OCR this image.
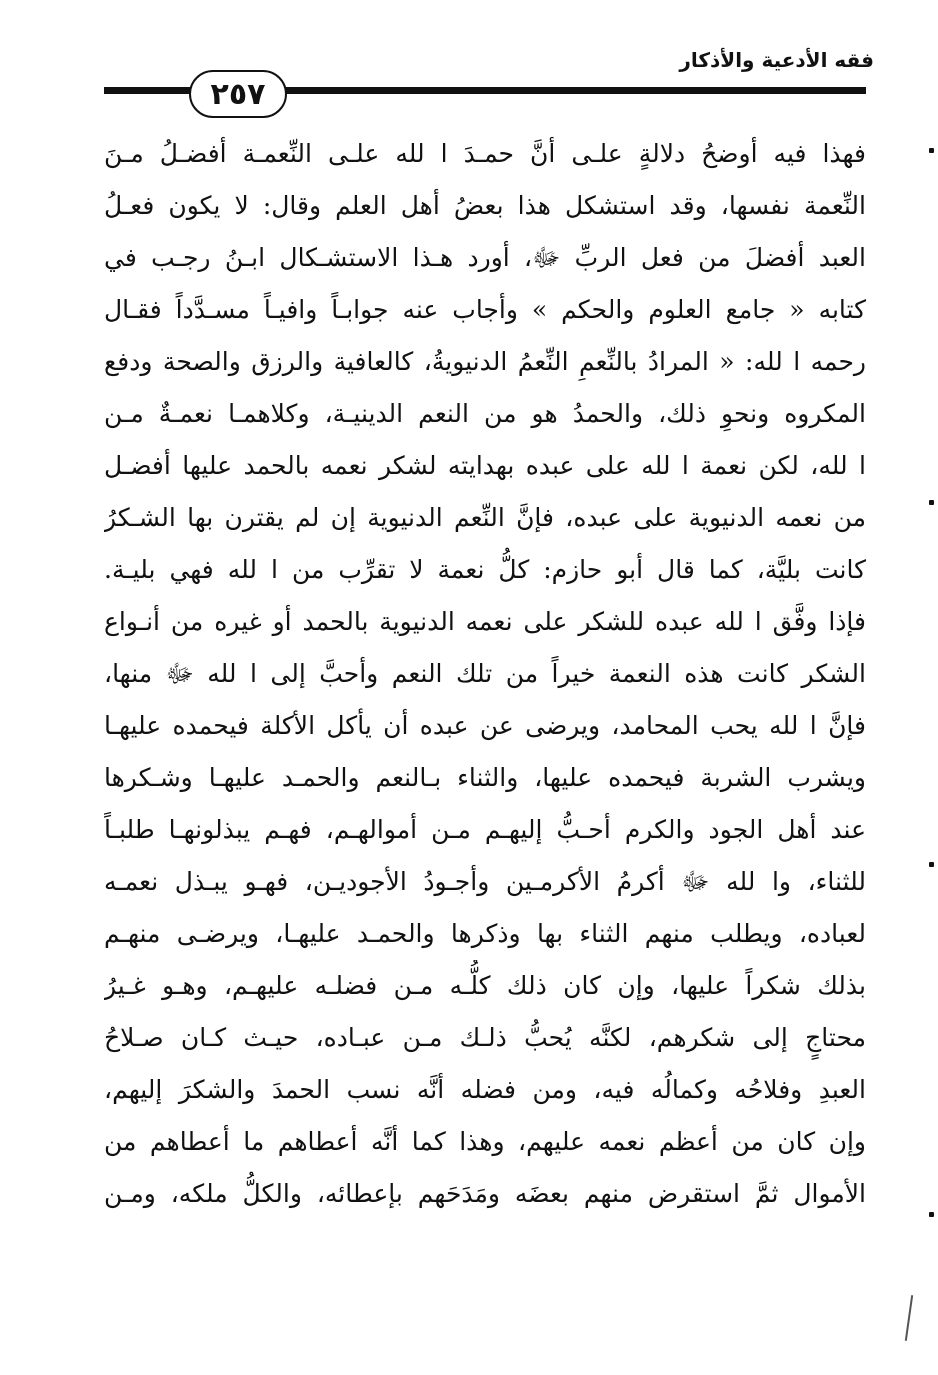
فقه الأدعية والأذكار
٢٥٧
فهذا فيه أوضحُ دلالةٍ علـى أنَّ حمـدَ ا لله علـى النِّعمـة أفضـلُ مـنَ
النِّعمة نفسها، وقد استشكل هذا بعضُ أهل العلم وقال: لا يكون فعـلُ
العبد أفضلَ من فعل الربِّ ﷻ، أورد هـذا الاستشـكال ابـنُ رجـب في
كتابه « جامع العلوم والحكم » وأجاب عنه جوابـاً وافيـاً مسـدَّداً فقـال
رحمه ا لله: « المرادُ بالنِّعمِ النِّعمُ الدنيويةُ، كالعافية والرزق والصحة ودفع
المكروه ونحوِ ذلك، والحمدُ هو من النعم الدينيـة، وكلاهمـا نعمـةٌ مـن
ا لله، لكن نعمة ا لله على عبده بهدايته لشكر نعمه بالحمد عليها أفضـل
من نعمه الدنيوية على عبده، فإنَّ النِّعم الدنيوية إن لم يقترن بها الشـكرُ
كانت بليَّة، كما قال أبو حازم: كلُّ نعمة لا تقرِّب من ا لله فهي بليـة.
فإذا وفَّق ا لله عبده للشكر على نعمه الدنيوية بالحمد أو غيره من أنـواع
الشكر كانت هذه النعمة خيراً من تلك النعم وأحبَّ إلى ا لله ﷻ منها،
فإنَّ ا لله يحب المحامد، ويرضى عن عبده أن يأكل الأكلة فيحمده عليهـا
ويشرب الشربة فيحمده عليها، والثناء بـالنعم والحمـد عليهـا وشـكرها
عند أهل الجود والكرم أحـبُّ إليهـم مـن أموالهـم، فهـم يبذلونهـا طلبـاً
للثناء، وا لله ﷻ أكرمُ الأكرمـين وأجـودُ الأجوديـن، فهـو يبـذل نعمـه
لعباده، ويطلب منهم الثناء بها وذكرها والحمـد عليهـا، ويرضـى منهـم
بذلك شكراً عليها، وإن كان ذلك كلُّـه مـن فضلـه عليهـم، وهـو غـيرُ
محتاجٍ إلى شكرهم، لكنَّه يُحبُّ ذلـك مـن عبـاده، حيـث كـان صـلاحُ
العبدِ وفلاحُه وكمالُه فيه، ومن فضله أنَّه نسب الحمدَ والشكرَ إليهم،
وإن كان من أعظم نعمه عليهم، وهذا كما أنَّه أعطاهم ما أعطاهم من
الأموال ثمَّ استقرض منهم بعضَه ومَدَحَهم بإعطائه، والكلُّ ملكه، ومـن
